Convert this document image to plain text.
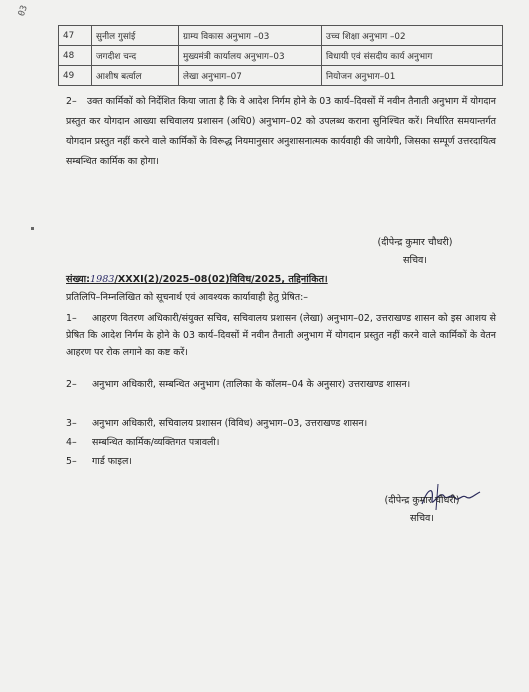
03
47	सुनील गुसांई	ग्राम्य विकास अनुभाग –03	उच्च शिक्षा अनुभाग –02
48	जगदीश चन्द	मुख्यमंत्री कार्यालय अनुभाग–03	विधायी एवं संसदीय कार्य अनुभाग
49	आशीष बर्त्वाल	लेखा अनुभाग–07	नियोजन अनुभाग–01
2– उक्त कार्मिकों को निर्देशित किया जाता है कि वे आदेश निर्गम होने के 03 कार्य–दिवसों में नवीन तैनाती अनुभाग में योगदान प्रस्तुत कर योगदान आख्या सचिवालय प्रशासन (अधि0) अनुभाग–02 को उपलब्ध कराना सुनिश्चित करें। निर्धारित समयान्तर्गत योगदान प्रस्तुत नहीं करने वाले कार्मिकों के विरूद्ध नियमानुसार अनुशासनात्मक कार्यवाही की जायेगी, जिसका सम्पूर्ण उत्तरदायित्व सम्बन्धित कार्मिक का होगा।
(दीपेन्द्र कुमार चौधरी)
सचिव।
संख्या:1983/XXXI(2)/2025–08(02)विविध/2025, तद्दिनांकित।
प्रतिलिपि–निम्नलिखित को सूचनार्थ एवं आवश्यक कार्यावाही हेतु प्रेषित:–
1– आहरण वितरण अधिकारी/संयुक्त सचिव, सचिवालय प्रशासन (लेखा) अनुभाग–02, उत्तराखण्ड शासन को इस आशय से प्रेषित कि आदेश निर्गम के होने के 03 कार्य–दिवसों में नवीन तैनाती अनुभाग में योगदान प्रस्तुत नहीं करने वाले कार्मिकों के वेतन आहरण पर रोक लगाने का कष्ट करें।
2– अनुभाग अधिकारी, सम्बन्धित अनुभाग (तालिका के कॉलम–04 के अनुसार) उत्तराखण्ड शासन।
3– अनुभाग अधिकारी, सचिवालय प्रशासन (विविध) अनुभाग–03, उत्तराखण्ड शासन।
4– सम्बन्धित कार्मिक/व्यक्तिगत पत्रावली।
5– गार्ड फाइल।
(दीपेन्द्र कुमार चौधरी)
सचिव।
